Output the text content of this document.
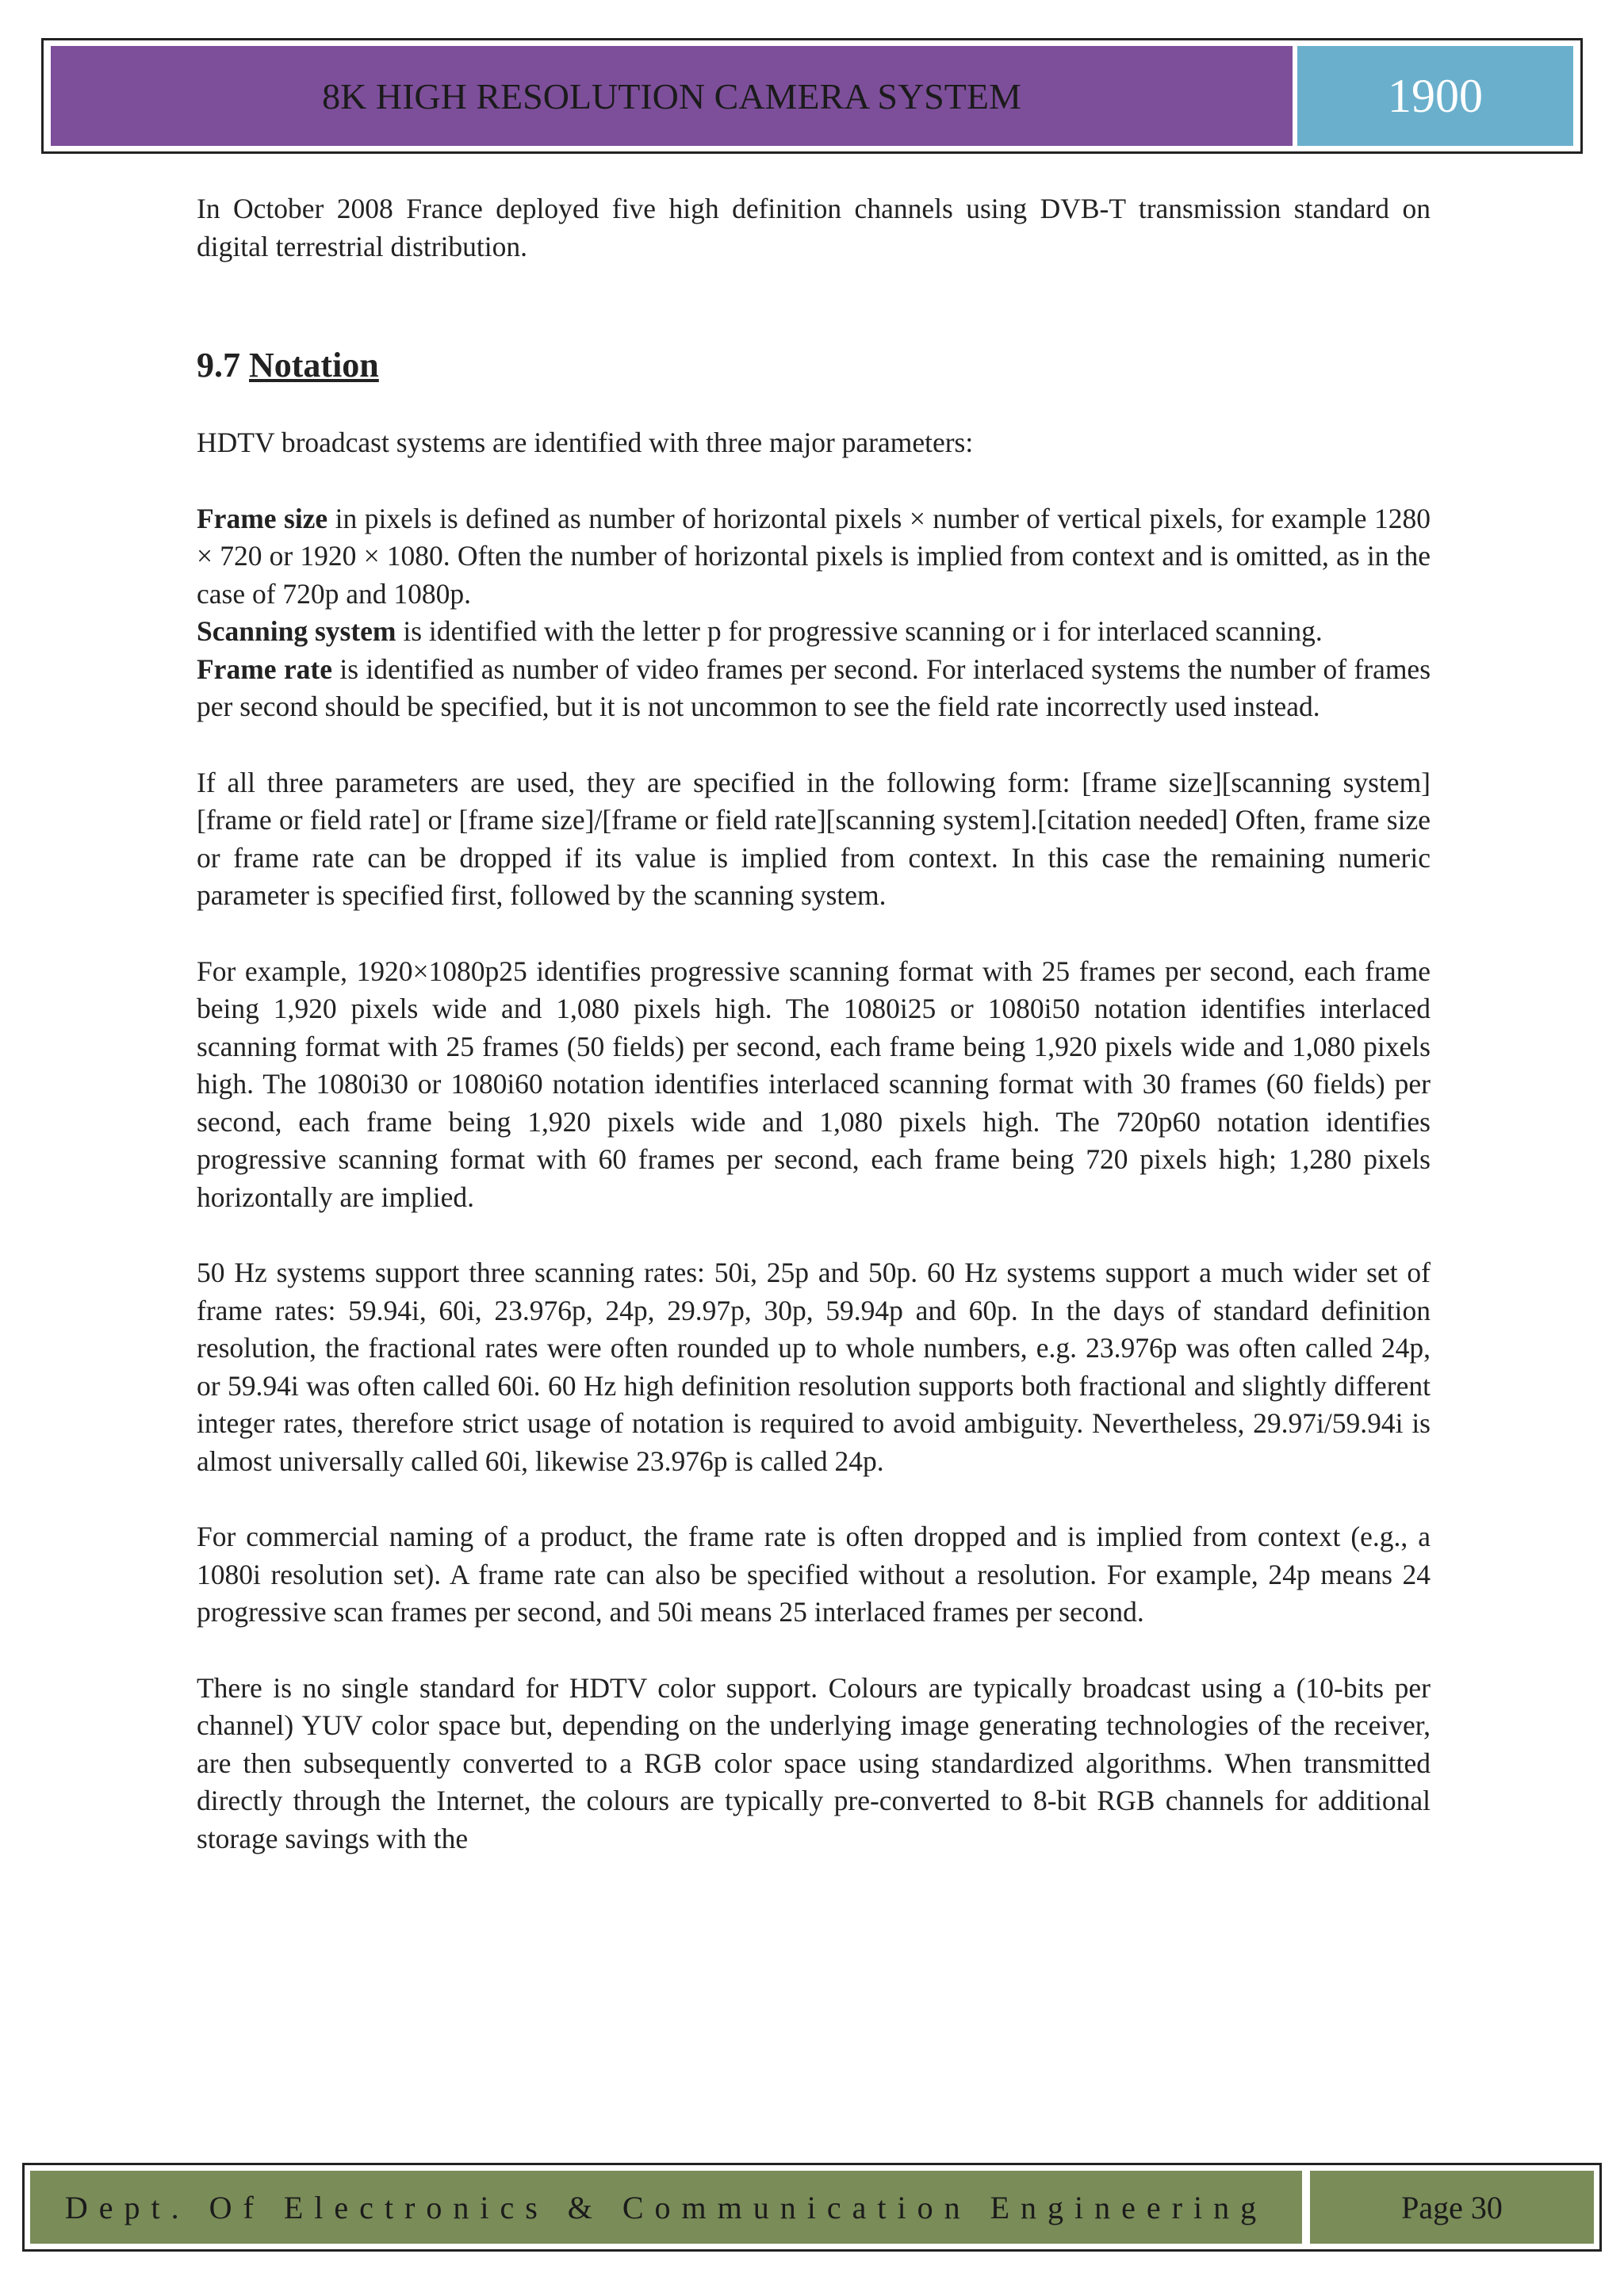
8K HIGH RESOLUTION CAMERA SYSTEM	1900

In October 2008 France deployed five high definition channels using DVB-T transmission standard on digital terrestrial distribution.

9.7 Notation

HDTV broadcast systems are identified with three major parameters:

Frame size in pixels is defined as number of horizontal pixels × number of vertical pixels, for example 1280 × 720 or 1920 × 1080. Often the number of horizontal pixels is implied from context and is omitted, as in the case of 720p and 1080p.

Scanning system is identified with the letter p for progressive scanning or i for interlaced scanning.

Frame rate is identified as number of video frames per second. For interlaced systems the number of frames per second should be specified, but it is not uncommon to see the field rate incorrectly used instead.

If all three parameters are used, they are specified in the following form: [frame size][scanning system][frame or field rate] or [frame size]/[frame or field rate][scanning system].[citation needed] Often, frame size or frame rate can be dropped if its value is implied from context. In this case the remaining numeric parameter is specified first, followed by the scanning system.

For example, 1920×1080p25 identifies progressive scanning format with 25 frames per second, each frame being 1,920 pixels wide and 1,080 pixels high. The 1080i25 or 1080i50 notation identifies interlaced scanning format with 25 frames (50 fields) per second, each frame being 1,920 pixels wide and 1,080 pixels high. The 1080i30 or 1080i60 notation identifies interlaced scanning format with 30 frames (60 fields) per second, each frame being 1,920 pixels wide and 1,080 pixels high. The 720p60 notation identifies progressive scanning format with 60 frames per second, each frame being 720 pixels high; 1,280 pixels horizontally are implied.

50 Hz systems support three scanning rates: 50i, 25p and 50p. 60 Hz systems support a much wider set of frame rates: 59.94i, 60i, 23.976p, 24p, 29.97p, 30p, 59.94p and 60p. In the days of standard definition resolution, the fractional rates were often rounded up to whole numbers, e.g. 23.976p was often called 24p, or 59.94i was often called 60i. 60 Hz high definition resolution supports both fractional and slightly different integer rates, therefore strict usage of notation is required to avoid ambiguity. Nevertheless, 29.97i/59.94i is almost universally called 60i, likewise 23.976p is called 24p.

For commercial naming of a product, the frame rate is often dropped and is implied from context (e.g., a 1080i resolution set). A frame rate can also be specified without a resolution. For example, 24p means 24 progressive scan frames per second, and 50i means 25 interlaced frames per second.

There is no single standard for HDTV color support. Colours are typically broadcast using a (10-bits per channel) YUV color space but, depending on the underlying image generating technologies of the receiver, are then subsequently converted to a RGB color space using standardized algorithms. When transmitted directly through the Internet, the colours are typically pre-converted to 8-bit RGB channels for additional storage savings with the

Dept. Of Electronics & Communication Engineering	Page 30
